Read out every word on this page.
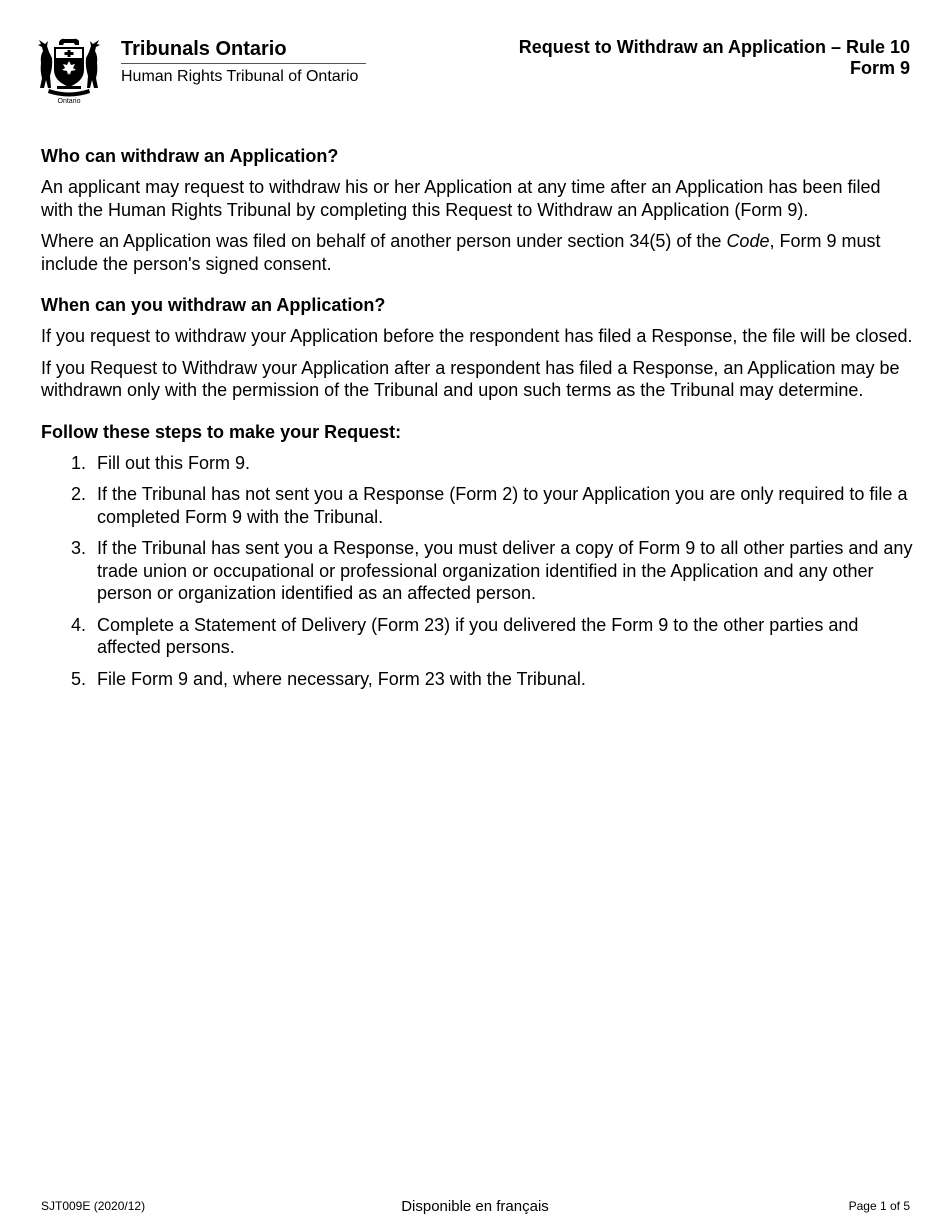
Ontario
Tribunals Ontario
Human Rights Tribunal of Ontario
Request to Withdraw an Application – Rule 10
Form 9
Who can withdraw an Application?

An applicant may request to withdraw his or her Application at any time after an Application has been filed with the Human Rights Tribunal by completing this Request to Withdraw an Application (Form 9).

Where an Application was filed on behalf of another person under section 34(5) of the Code, Form 9 must include the person's signed consent.

When can you withdraw an Application?

If you request to withdraw your Application before the respondent has filed a Response, the file will be closed.

If you Request to Withdraw your Application after a respondent has filed a Response, an Application may be withdrawn only with the permission of the Tribunal and upon such terms as the Tribunal may determine.

Follow these steps to make your Request:
1. Fill out this Form 9.
2. If the Tribunal has not sent you a Response (Form 2) to your Application you are only required to file a completed Form 9 with the Tribunal.
3. If the Tribunal has sent you a Response, you must deliver a copy of Form 9 to all other parties and any trade union or occupational or professional organization identified in the Application and any other person or organization identified as an affected person.
4. Complete a Statement of Delivery (Form 23) if you delivered the Form 9 to the other parties and affected persons.
5. File Form 9 and, where necessary, Form 23 with the Tribunal.
SJT009E (2020/12)	Disponible en français	Page 1 of 5
